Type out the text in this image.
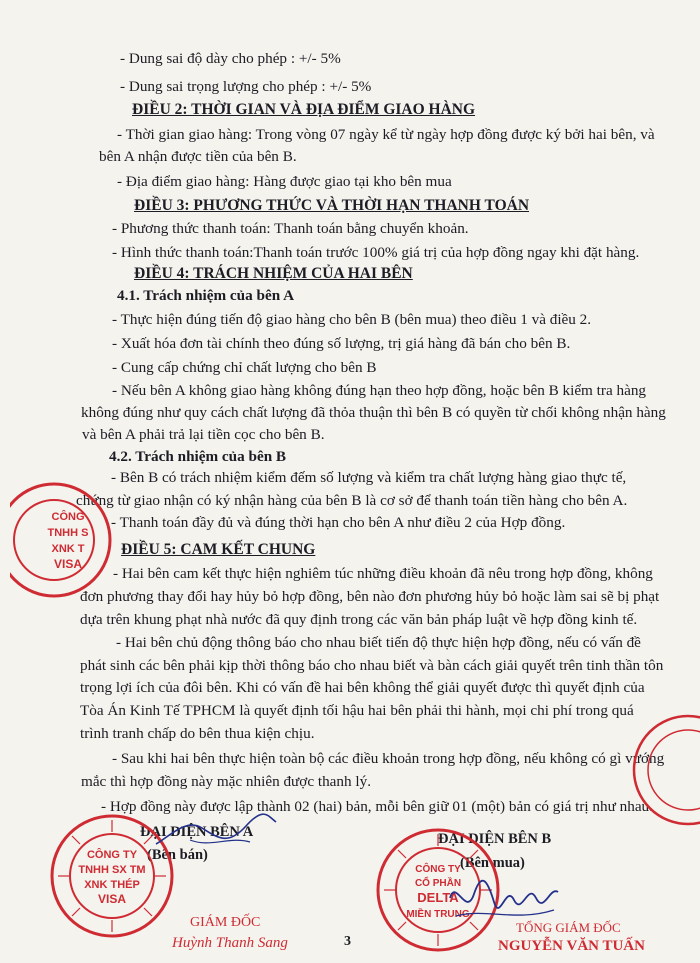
- Dung sai độ dày cho phép : +/- 5%
- Dung sai trọng lượng cho phép : +/- 5%
ĐIỀU 2: THỜI GIAN VÀ ĐỊA ĐIỂM GIAO HÀNG
- Thời gian giao hàng: Trong vòng 07 ngày kể từ ngày hợp đồng được ký bởi hai bên, và
bên A nhận được tiền của bên B.
- Địa điểm giao hàng: Hàng được giao tại kho bên mua
ĐIỀU 3: PHƯƠNG THỨC VÀ THỜI HẠN THANH TOÁN
- Phương thức thanh toán: Thanh toán bằng chuyển khoản.
- Hình thức thanh toán:Thanh toán trước 100% giá trị của hợp đồng ngay khi đặt hàng.
ĐIỀU 4: TRÁCH NHIỆM CỦA HAI BÊN
4.1. Trách nhiệm của bên A
- Thực hiện đúng tiến độ giao hàng cho bên B (bên mua) theo điều 1 và điều 2.
- Xuất hóa đơn tài chính theo đúng số lượng, trị giá hàng đã bán cho bên B.
- Cung cấp chứng chỉ chất lượng cho bên B
- Nếu bên A không giao hàng không đúng hạn theo hợp đồng, hoặc bên B kiểm tra hàng
không đúng như quy cách chất lượng đã thỏa thuận thì bên B có quyền từ chối không nhận hàng
và bên A phải trả lại tiền cọc cho bên B.
4.2. Trách nhiệm của bên B
- Bên B có trách nhiệm kiểm đếm số lượng và kiểm tra chất lượng hàng giao thực tế,
chứng từ giao nhận có ký nhận hàng của bên B là cơ sở để thanh toán tiền hàng cho bên A.
- Thanh toán đầy đủ và đúng thời hạn cho bên A như điều 2 của Hợp đồng.
ĐIỀU 5: CAM KẾT CHUNG
- Hai bên cam kết thực hiện nghiêm túc những điều khoản đã nêu trong hợp đồng, không
đơn phương thay đổi hay hủy bỏ hợp đồng, bên nào đơn phương hủy bỏ hoặc làm sai sẽ bị phạt
dựa trên khung phạt nhà nước đã quy định trong các văn bản pháp luật về hợp đồng kinh tế.
- Hai bên chủ động thông báo cho nhau biết tiến độ thực hiện hợp đồng, nếu có vấn đề
phát sinh các bên phải kịp thời thông báo cho nhau biết và bàn cách giải quyết trên tinh thần tôn
trọng lợi ích của đôi bên. Khi có vấn đề hai bên không thể giải quyết được thì quyết định của
Tòa Án Kinh Tế TPHCM là quyết định tối hậu hai bên phải thi hành, mọi chi phí trong quá
trình tranh chấp do bên thua kiện chịu.
- Sau khi hai bên thực hiện toàn bộ các điều khoản trong hợp đồng, nếu không có gì vướng
mắc thì hợp đồng này mặc nhiên được thanh lý.
- Hợp đồng này được lập thành 02 (hai) bản, mỗi bên giữ 01 (một) bản có giá trị như nhau.
ĐẠI DIỆN BÊN A
(Bên bán)
GIÁM ĐỐC
Huỳnh Thanh Sang
ĐẠI DIỆN BÊN B
(Bên mua)
TỔNG GIÁM ĐỐC
NGUYỄN VĂN TUẤN
3
CÔNG TY
TNHH SX TM
XNK THÉP
VISA
CÔNG
TNHH S
XNK T
VISA
CÔNG TY
CỔ PHẦN
DELTA
MIỀN TRUNG
